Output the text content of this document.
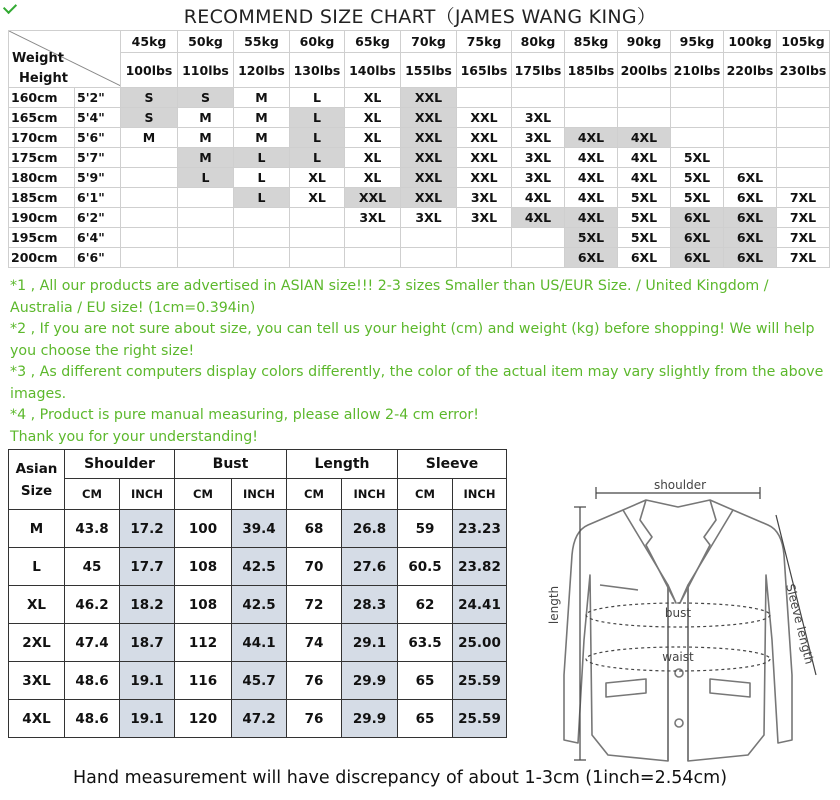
RECOMMEND SIZE CHART（JAMES WANG KING）
Weight
Height		45kg	50kg	55kg	60kg	65kg	70kg	75kg	80kg	85kg	90kg	95kg	100kg	105kg
		100lbs	110lbs	120lbs	130lbs	140lbs	155lbs	165lbs	175lbs	185lbs	200lbs	210lbs	220lbs	230lbs
160cm	5'2"	S	S	M	L	XL	XXL							
165cm	5'4"	S	M	M	L	XL	XXL	XXL	3XL					
170cm	5'6"	M	M	M	L	XL	XXL	XXL	3XL	4XL	4XL			
175cm	5'7"		M	L	L	XL	XXL	XXL	3XL	4XL	4XL	5XL		
180cm	5'9"		L	L	XL	XL	XXL	XXL	3XL	4XL	4XL	5XL	6XL	
185cm	6'1"			L	XL	XXL	XXL	3XL	4XL	4XL	5XL	5XL	6XL	7XL
190cm	6'2"					3XL	3XL	3XL	4XL	4XL	5XL	6XL	6XL	7XL
195cm	6'4"									5XL	5XL	6XL	6XL	7XL
200cm	6'6"									6XL	6XL	6XL	6XL	7XL

*1 , All our products are advertised in ASIAN size!!! 2-3 sizes Smaller than US/EUR Size. / United Kingdom / Australia / EU size! (1cm=0.394in)

*2 , If you are not sure about size, you can tell us your height (cm) and weight (kg) before shopping! We will help you choose the right size!

*3 , As different computers display colors differently, the color of the actual item may vary slightly from the above images.

*4 , Product is pure manual measuring, please allow 2-4 cm error!

Thank you for your understanding!

Asian
Size	Shoulder		Bust		Length		Sleeve	
	CM	INCH	CM	INCH	CM	INCH	CM	INCH
M	43.8	17.2	100	39.4	68	26.8	59	23.23
L	45	17.7	108	42.5	70	27.6	60.5	23.82
XL	46.2	18.2	108	42.5	72	28.3	62	24.41
2XL	47.4	18.7	112	44.1	74	29.1	63.5	25.00
3XL	48.6	19.1	116	45.7	76	29.9	65	25.59
4XL	48.6	19.1	120	47.2	76	29.9	65	25.59
shoulder
length	bust
waist	Sleeve length
Hand measurement will have discrepancy of about 1-3cm (1inch=2.54cm)
